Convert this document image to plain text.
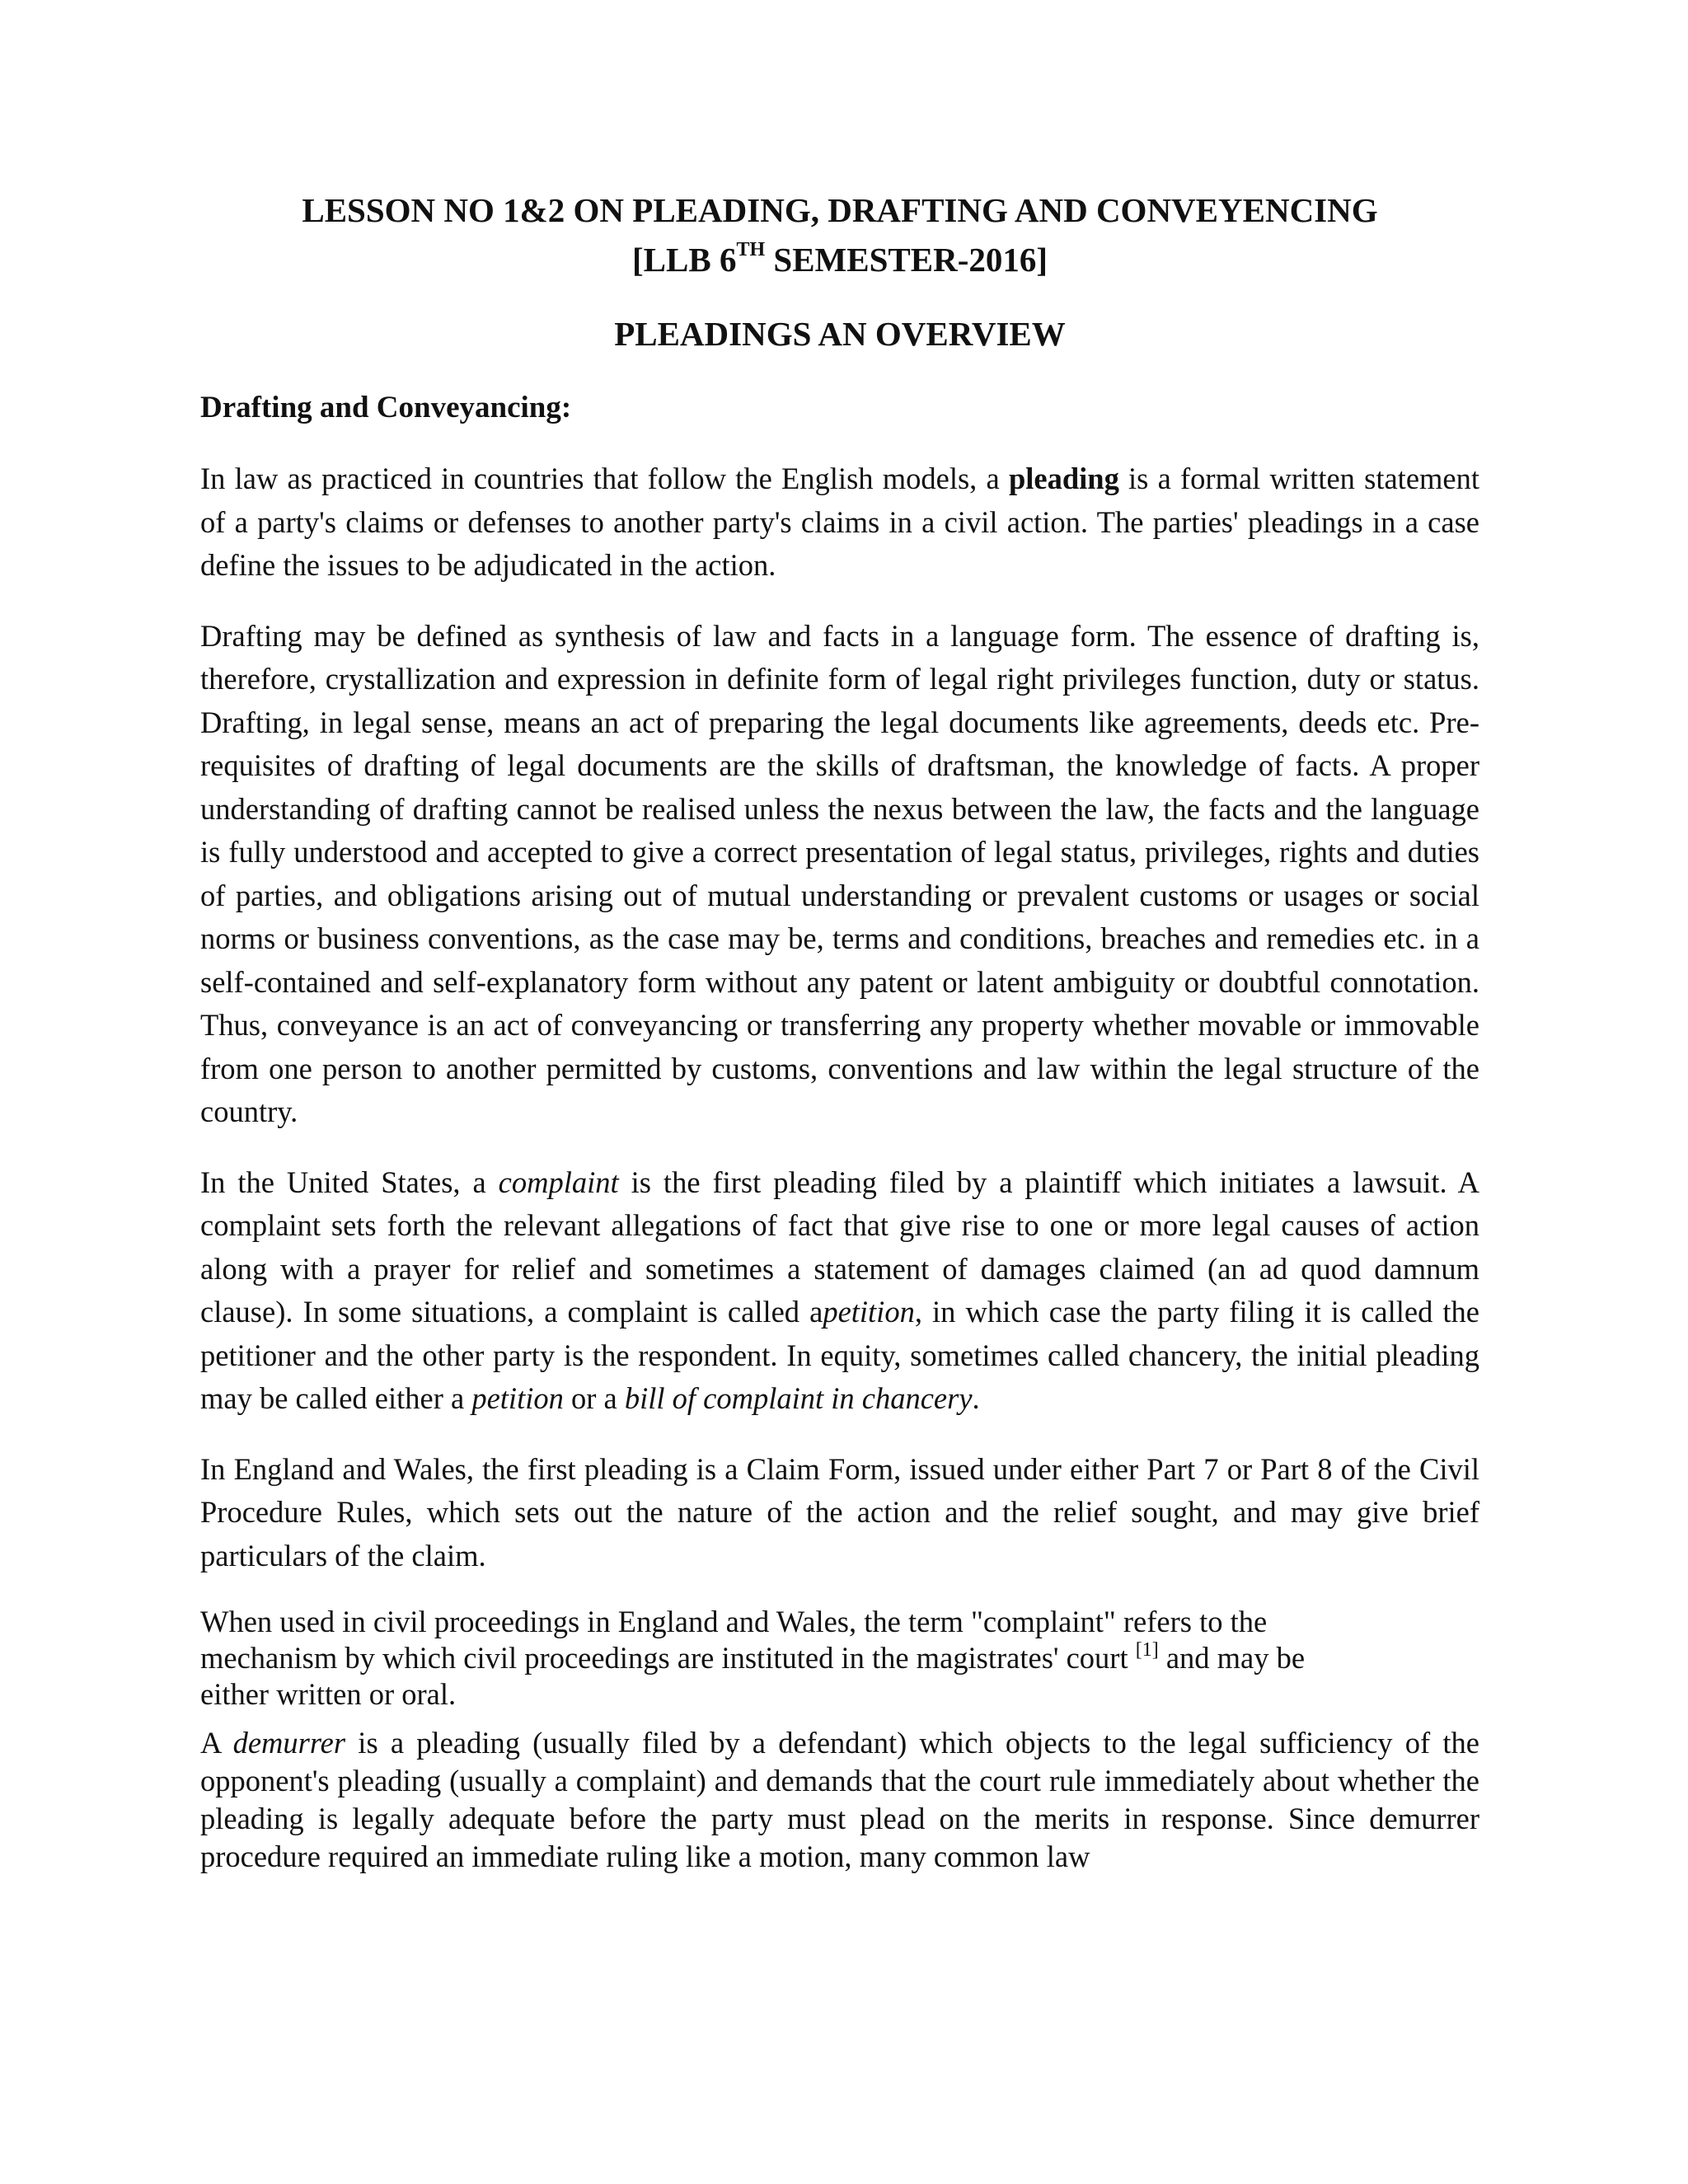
LESSON NO 1&2 ON PLEADING, DRAFTING AND CONVEYENCING
[LLB 6TH SEMESTER-2016]
PLEADINGS AN OVERVIEW
Drafting and Conveyancing:

In law as practiced in countries that follow the English models, a pleading is a formal written statement of a party's claims or defenses to another party's claims in a civil action. The parties' pleadings in a case define the issues to be adjudicated in the action.

Drafting may be defined as synthesis of law and facts in a language form. The essence of drafting is, therefore, crystallization and expression in definite form of legal right privileges function, duty or status. Drafting, in legal sense, means an act of preparing the legal documents like agreements, deeds etc. Pre-requisites of drafting of legal documents are the skills of draftsman, the knowledge of facts. A proper understanding of drafting cannot be realised unless the nexus between the law, the facts and the language is fully understood and accepted to give a correct presentation of legal status, privileges, rights and duties of parties, and obligations arising out of mutual understanding or prevalent customs or usages or social norms or business conventions, as the case may be, terms and conditions, breaches and remedies etc. in a self-contained and self-explanatory form without any patent or latent ambiguity or doubtful connotation. Thus, conveyance is an act of conveyancing or transferring any property whether movable or immovable from one person to another permitted by customs, conventions and law within the legal structure of the country.

In the United States, a complaint is the first pleading filed by a plaintiff which initiates a lawsuit. A complaint sets forth the relevant allegations of fact that give rise to one or more legal causes of action along with a prayer for relief and sometimes a statement of damages claimed (an ad quod damnum clause). In some situations, a complaint is called apetition, in which case the party filing it is called the petitioner and the other party is the respondent. In equity, sometimes called chancery, the initial pleading may be called either a petition or a bill of complaint in chancery.

In England and Wales, the first pleading is a Claim Form, issued under either Part 7 or Part 8 of the Civil Procedure Rules, which sets out the nature of the action and the relief sought, and may give brief particulars of the claim.

When used in civil proceedings in England and Wales, the term "complaint" refers to the
mechanism by which civil proceedings are instituted in the magistrates' court [1] and may be
either written or oral.

A demurrer is a pleading (usually filed by a defendant) which objects to the legal sufficiency of the opponent's pleading (usually a complaint) and demands that the court rule immediately about whether the pleading is legally adequate before the party must plead on the merits in response. Since demurrer procedure required an immediate ruling like a motion, many common law
